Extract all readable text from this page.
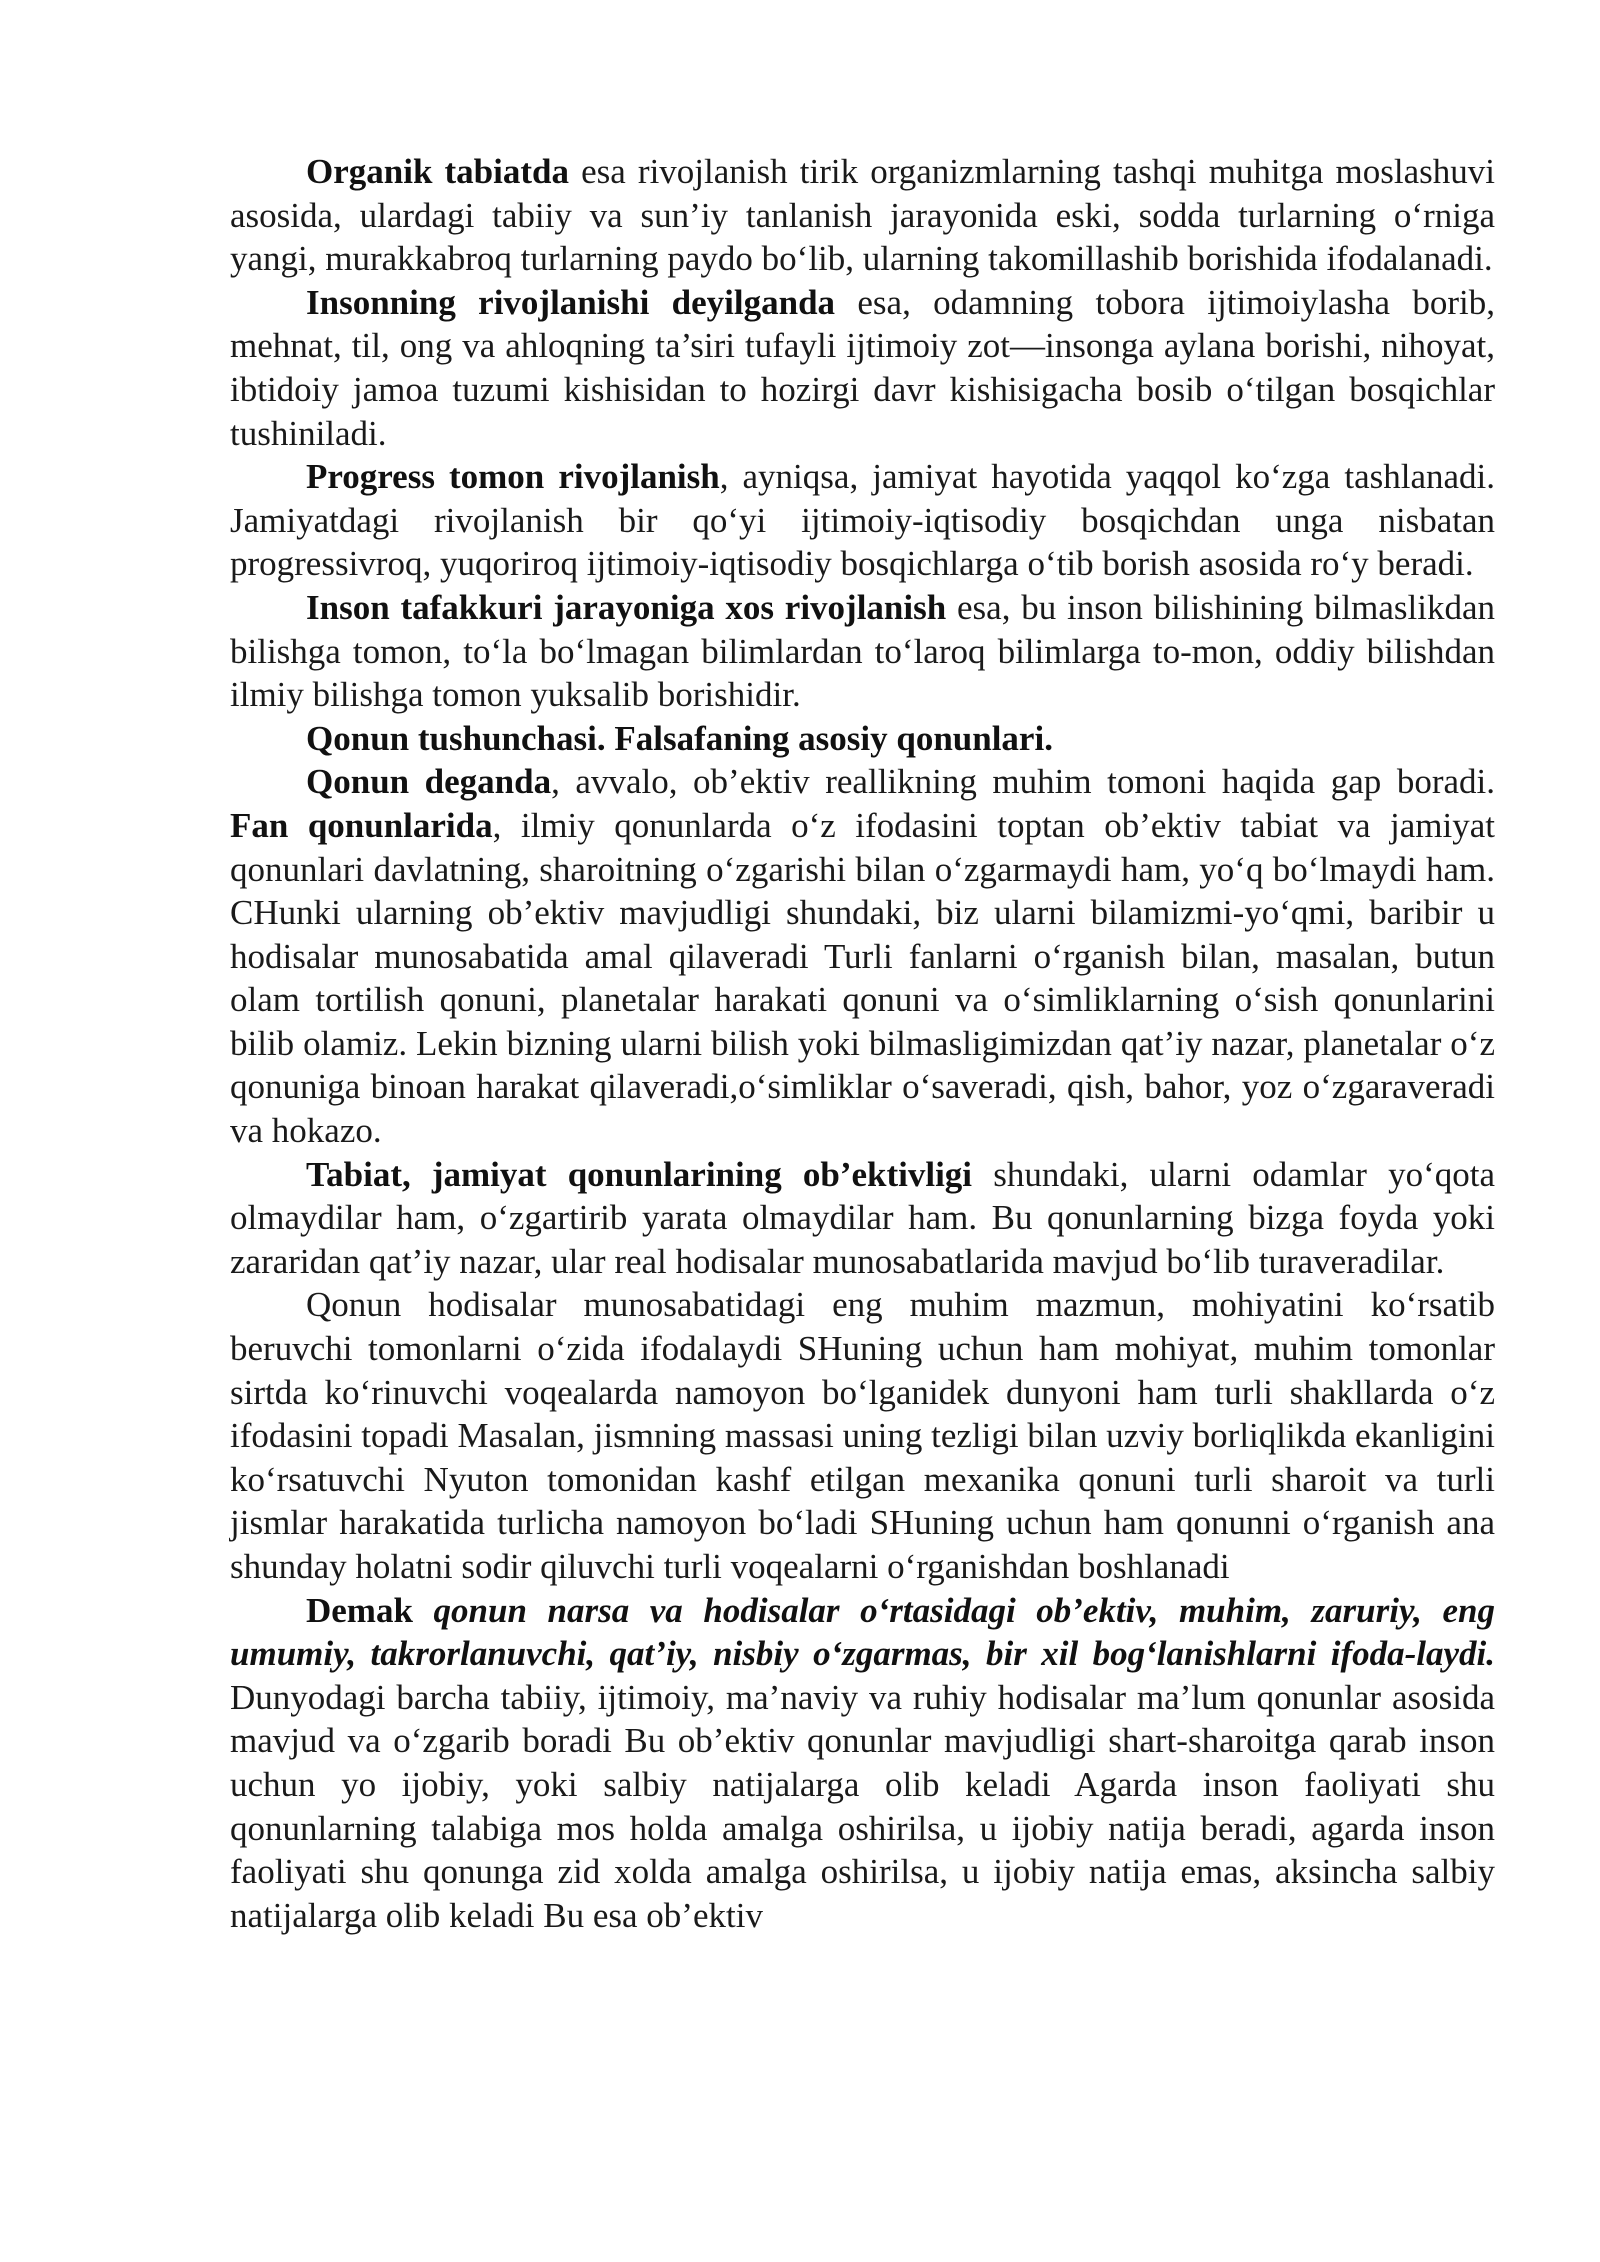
Organik tabiatda esa rivojlanish tirik organizmlarning tashqi muhitga moslashuvi asosida, ulardagi tabiiy va sun’iy tanlanish jarayonida eski, sodda turlarning o‘rniga yangi, murakkabroq turlarning paydo bo‘lib, ularning takomillashib borishida ifodalanadi.

Insonning rivojlanishi deyilganda esa, odamning tobora ijtimoiylasha borib, mehnat, til, ong va ahloqning ta’siri tufayli ijtimoiy zot—insonga aylana borishi, nihoyat, ibtidoiy jamoa tuzumi kishisidan to hozirgi davr kishisigacha bosib o‘tilgan bosqichlar tushiniladi.

Progress tomon rivojlanish, ayniqsa, jamiyat hayotida yaqqol ko‘zga tashlanadi. Jamiyatdagi rivojlanish bir qo‘yi ijtimoiy-iqtisodiy bosqichdan unga nisbatan progressivroq, yuqoriroq ijtimoiy-iqtisodiy bosqichlarga o‘tib borish asosida ro‘y beradi.

Inson tafakkuri jarayoniga xos rivojlanish esa, bu inson bilishining bilmaslikdan bilishga tomon, to‘la bo‘lmagan bilimlardan to‘laroq bilimlarga to-mon, oddiy bilishdan ilmiy bilishga tomon yuksalib borishidir.

Qonun tushunchasi. Falsafaning asosiy qonunlari.

Qonun deganda, avvalo, ob’ektiv reallikning muhim tomoni haqida gap boradi. Fan qonunlarida, ilmiy qonunlarda o‘z ifodasini toptan ob’ektiv tabiat va jamiyat qonunlari davlatning, sharoitning o‘zgarishi bilan o‘zgarmaydi ham, yo‘q bo‘lmaydi ham. CHunki ularning ob’ektiv mavjudligi shundaki, biz ularni bilamizmi-yo‘qmi, baribir u hodisalar munosabatida amal qilaveradi Turli fanlarni o‘rganish bilan, masalan, butun olam tortilish qonuni, planetalar harakati qonuni va o‘simliklarning o‘sish qonunlarini bilib olamiz. Lekin bizning ularni bilish yoki bilmasligimizdan qat’iy nazar, planetalar o‘z qonuniga binoan harakat qilaveradi,o‘simliklar o‘saveradi, qish, bahor, yoz o‘zgaraveradi va hokazo.

Tabiat, jamiyat qonunlarining ob’ektivligi shundaki, ularni odamlar yo‘qota olmaydilar ham, o‘zgartirib yarata olmaydilar ham. Bu qonunlarning bizga foyda yoki zararidan qat’iy nazar, ular real hodisalar munosabatlarida mavjud bo‘lib turaveradilar.

Qonun hodisalar munosabatidagi eng muhim mazmun, mohiyatini ko‘rsatib beruvchi tomonlarni o‘zida ifodalaydi SHuning uchun ham mohiyat, muhim tomonlar sirtda ko‘rinuvchi voqealarda namoyon bo‘lganidek dunyoni ham turli shakllarda o‘z ifodasini topadi Masalan, jismning massasi uning tezligi bilan uzviy borliqlikda ekanligini ko‘rsatuvchi Nyuton tomonidan kashf etilgan mexanika qonuni turli sharoit va turli jismlar harakatida turlicha namoyon bo‘ladi SHuning uchun ham qonunni o‘rganish ana shunday holatni sodir qiluvchi turli voqealarni o‘rganishdan boshlanadi

Demak qonun narsa va hodisalar o‘rtasidagi ob’ektiv, muhim, zaruriy, eng umumiy, takrorlanuvchi, qat’iy, nisbiy o‘zgarmas, bir xil bog‘lanishlarni ifoda-laydi. Dunyodagi barcha tabiiy, ijtimoiy, ma’naviy va ruhiy hodisalar ma’lum qonunlar asosida mavjud va o‘zgarib boradi Bu ob’ektiv qonunlar mavjudligi shart-sharoitga qarab inson uchun yo ijobiy, yoki salbiy natijalarga olib keladi Agarda inson faoliyati shu qonunlarning talabiga mos holda amalga oshirilsa, u ijobiy natija beradi, agarda inson faoliyati shu qonunga zid xolda amalga oshirilsa, u ijobiy natija emas, aksincha salbiy natijalarga olib keladi Bu esa ob’ektiv
